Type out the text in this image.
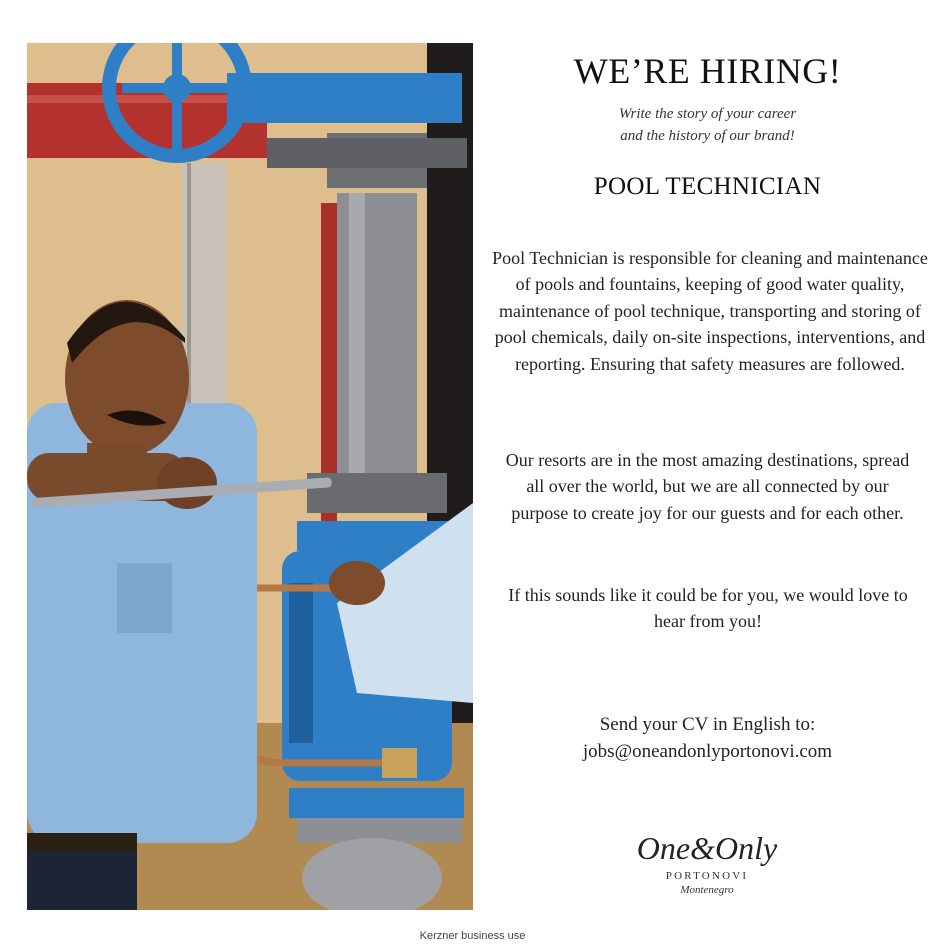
WE’RE HIRING!
Write the story of your career
and the history of our brand!
POOL TECHNICIAN
Pool Technician is responsible for cleaning and maintenance of pools and fountains, keeping of good water quality, maintenance of pool technique, transporting and storing of pool chemicals, daily on-site inspections, interventions, and reporting. Ensuring that safety measures are followed.
Our resorts are in the most amazing destinations, spread all over the world, but we are all connected by our purpose to create joy for our guests and for each other.
If this sounds like it could be for you, we would love to hear from you!
Send your CV in English to:
jobs@oneandonlyportonovi.com
One&Only
PORTONOVI
Montenegro
Kerzner business use
